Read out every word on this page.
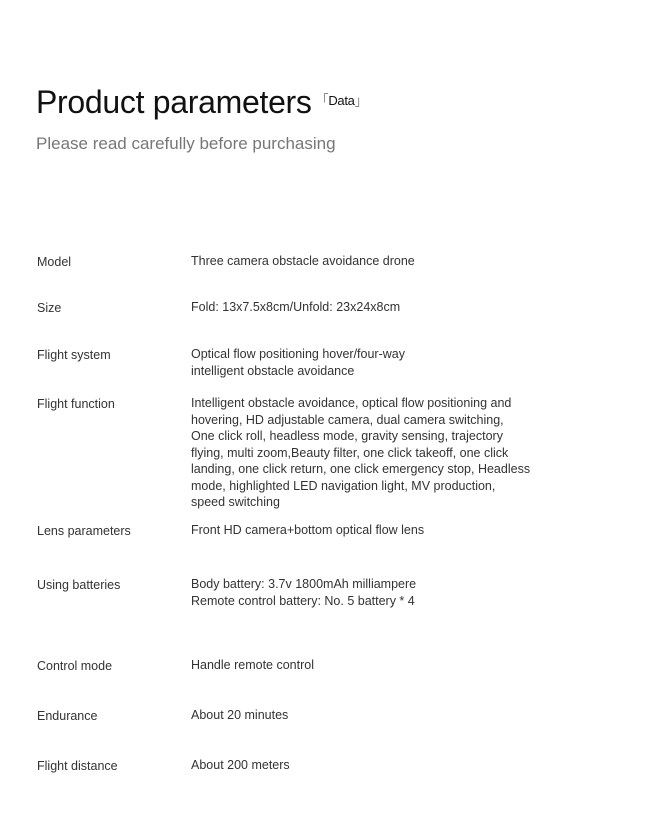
Product parameters $^{「Data」}$

Please read carefully before purchasing

Model	Three camera obstacle avoidance drone
Size	Fold: 13x7.5x8cm/Unfold: 23x24x8cm
Flight system	Optical flow positioning hover/four-way
intelligent obstacle avoidance
Flight function	Intelligent obstacle avoidance, optical flow positioning and
hovering, HD adjustable camera, dual camera switching,
One click roll, headless mode, gravity sensing, trajectory
flying, multi zoom,Beauty filter, one click takeoff, one click
landing, one click return, one click emergency stop, Headless
mode, highlighted LED navigation light, MV production,
speed switching
Lens parameters	Front HD camera+bottom optical flow lens
Using batteries	Body battery: 3.7v 1800mAh milliampere
Remote control battery: No. 5 battery * 4
Control mode	Handle remote control
Endurance	About 20 minutes
Flight distance	About 200 meters
